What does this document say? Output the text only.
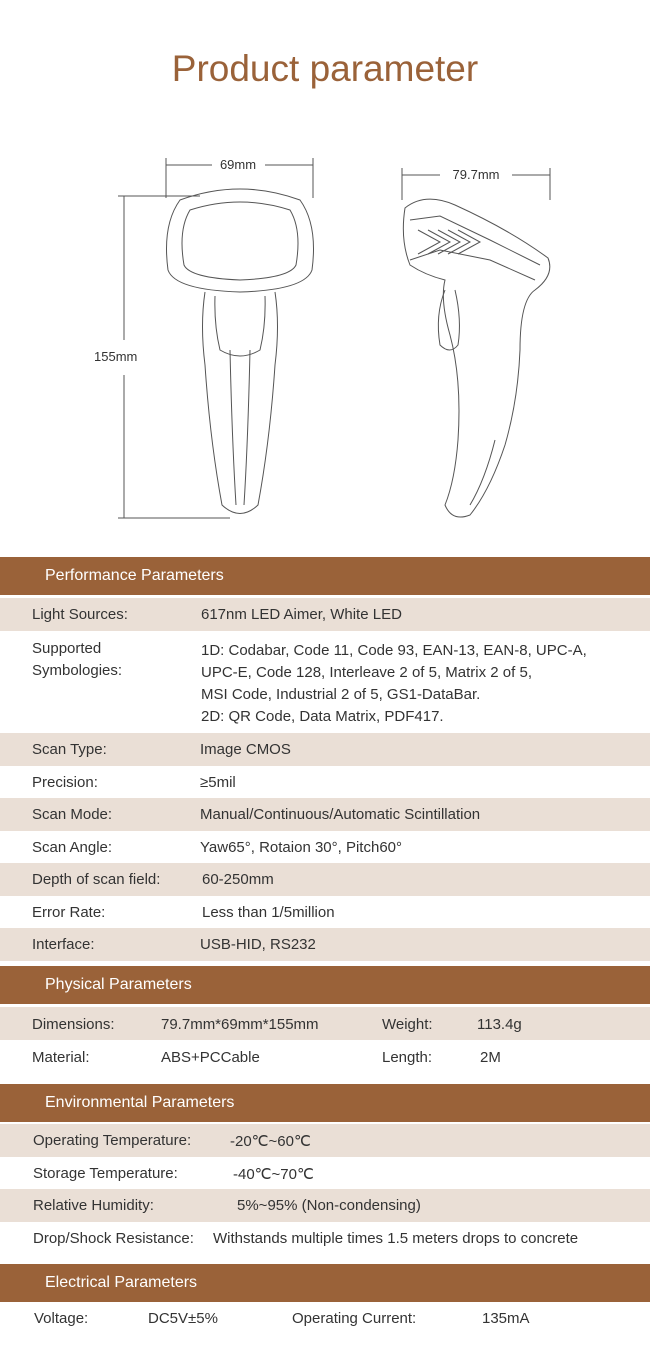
Product parameter
69mm
155mm
79.7mm
Performance Parameters
Light Sources:	617nm LED Aimer, White LED
Supported
Symbologies:
1D: Codabar, Code 11, Code 93, EAN-13, EAN-8, UPC-A,
UPC-E, Code 128, Interleave 2 of 5, Matrix 2 of 5,
MSI Code, Industrial 2 of 5, GS1-DataBar.
2D: QR Code, Data Matrix, PDF417.
Scan Type:	Image CMOS
Precision:	≥5mil
Scan Mode:	Manual/Continuous/Automatic Scintillation
Scan Angle:	Yaw65°, Rotaion 30°, Pitch60°
Depth of scan field:	60-250mm
Error Rate:	Less than 1/5million
Interface:	USB-HID, RS232
Physical Parameters
Dimensions:	79.7mm*69mm*155mm	Weight:	113.4g
Material:	ABS+PCCable	Length:	2M
Environmental Parameters
Operating Temperature:	-20℃~60℃
Storage Temperature:	-40℃~70℃
Relative Humidity:	5%~95% (Non-condensing)
Drop/Shock Resistance: Withstands multiple times 1.5 meters drops to concrete
Electrical Parameters
Voltage:	DC5V±5%	Operating Current:	135mA
